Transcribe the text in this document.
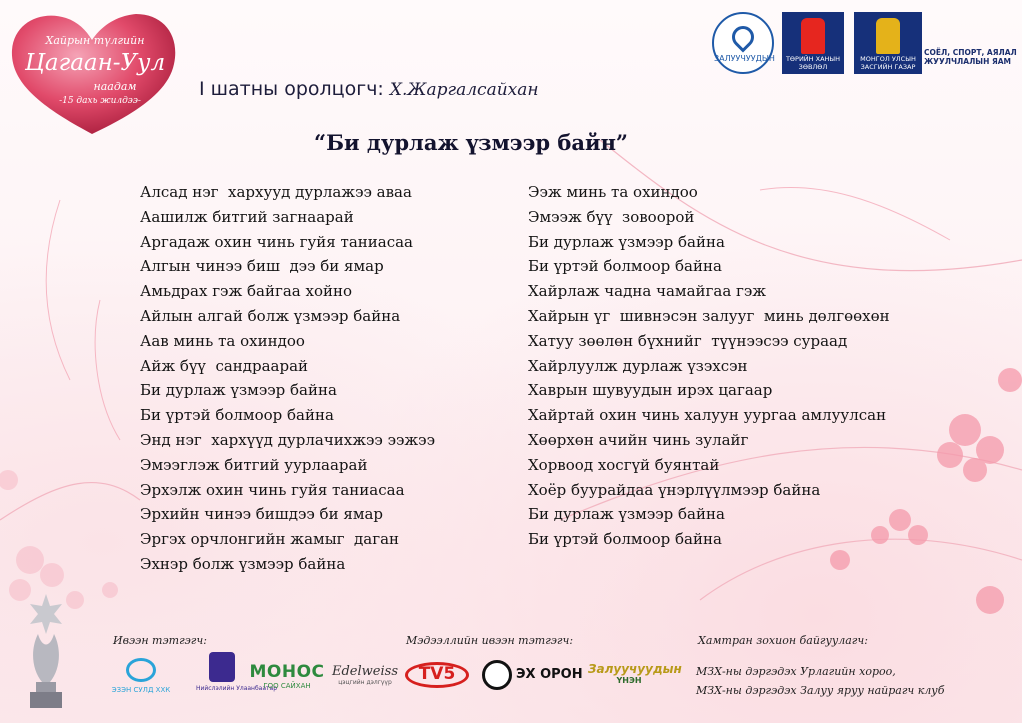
Хайрын түлгийн
Цагаан-Уул
наадам
-15 дахь жилдээ-
I шатны оролцогч: Х.Жаргалсайхан
“Би дурлаж үзмээр байн”
ЗАЛУУЧУУДЫН	ТӨРИЙН ХАНЫН ЗӨВЛӨЛ
МОНГОЛ УЛСЫН ЗАСГИЙН ГАЗАР
СОЁЛ, СПОРТ, АЯЛАЛ ЖУУЛЧЛАЛЫН ЯАМ
Алсад нэг  хархууд дурлажээ аваа
Аашилж битгий загнаарай
Аргадаж охин чинь гуйя таниасаа
Алгын чинээ биш  дээ би ямар
Амьдрах гэж байгаа хойно
Айлын алгай болж үзмээр байна
Аав минь та охиндоо
Айж бүү  сандраарай
Би дурлаж үзмээр байна
Би үртэй болмоор байна
Энд нэг  хархүүд дурлачихжээ ээжээ
Эмээглэж битгий уурлаарай
Эрхэлж охин чинь гуйя таниасаа
Эрхийн чинээ бишдээ би ямар
Эргэх орчлонгийн жамыг  даган
Эхнэр болж үзмээр байна
Ээж минь та охиндоо
Эмээж бүү  зовоорой
Би дурлаж үзмээр байна
Би үртэй болмоор байна
Хайрлаж чадна чамайгаа гэж
Хайрын үг  шивнэсэн залууг  минь дөлгөөхөн
Хатуу зөөлөн бүхнийг  түүнээсээ сураад
Хайрлуулж дурлаж үзэхсэн
Хаврын шувуудын ирэх цагаар
Хайртай охин чинь халуун уургаа амлуулсан
Хөөрхөн ачийн чинь зулайг
Хорвоод хосгүй буянтай
Хоёр буурайдаа үнэрлүүлмээр байна
Би дурлаж үзмээр байна
Би үртэй болмоор байна
Ивээн тэтгэгч:	Мэдээллийн ивээн тэтгэгч:	Хамтран зохион байгуулагч:
МЗХ-ны дэргэдэх Урлагийн хороо,
МЗХ-ны дэргэдэх Залуу яруу найрагч клуб
ЭЗЭН СУЛД ХХК	Нийслэлийн Улаанбаатар
МОНОС
ГОО САЙХАН
Edelweiss
цэцгийн дэлгүүр	TV5	ЭХ ОРОН Залуучуудын
ҮНЭН
